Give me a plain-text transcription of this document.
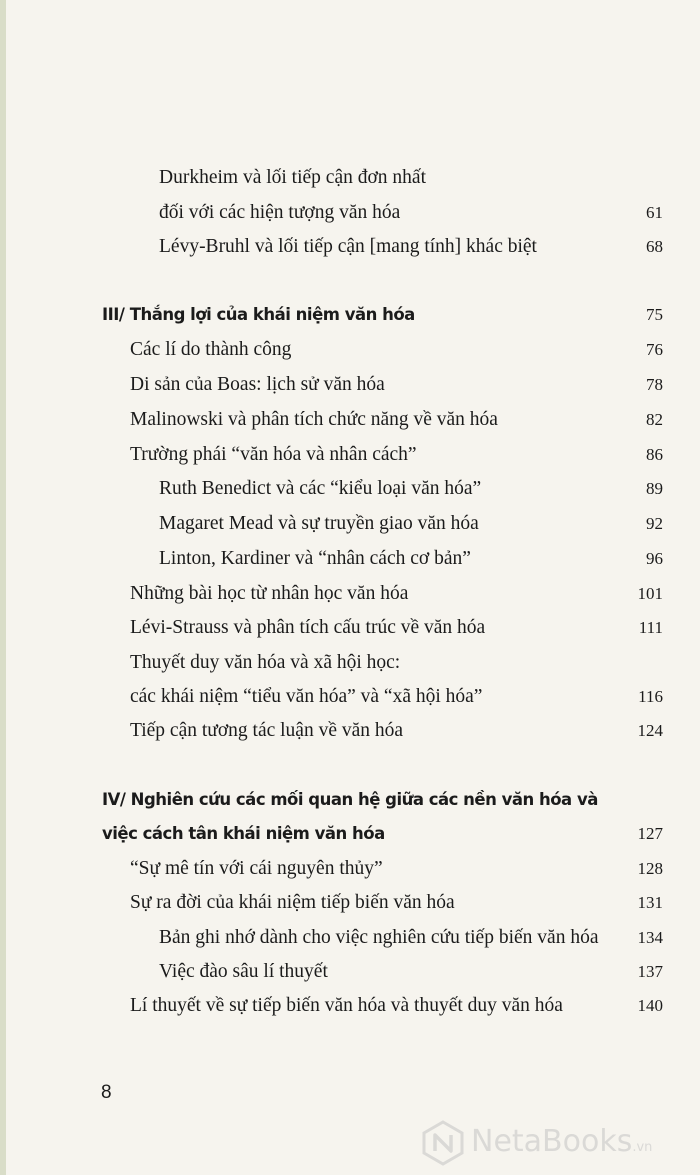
Durkheim và lối tiếp cận đơn nhất
đối với các hiện tượng văn hóa	61
Lévy-Bruhl và lối tiếp cận [mang tính] khác biệt	68
III/ Thắng lợi của khái niệm văn hóa	75
Các lí do thành công	76
Di sản của Boas: lịch sử văn hóa	78
Malinowski và phân tích chức năng về văn hóa	82
Trường phái “văn hóa và nhân cách”	86
Ruth Benedict và các “kiểu loại văn hóa”	89
Magaret Mead và sự truyền giao văn hóa	92
Linton, Kardiner và “nhân cách cơ bản”	96
Những bài học từ nhân học văn hóa	101
Lévi-Strauss và phân tích cấu trúc về văn hóa	111
Thuyết duy văn hóa và xã hội học:
các khái niệm “tiểu văn hóa” và “xã hội hóa”	116
Tiếp cận tương tác luận về văn hóa	124
IV/ Nghiên cứu các mối quan hệ giữa các nền văn hóa và
việc cách tân khái niệm văn hóa	127
“Sự mê tín với cái nguyên thủy”	128
Sự ra đời của khái niệm tiếp biến văn hóa	131
Bản ghi nhớ dành cho việc nghiên cứu tiếp biến văn hóa 134
Việc đào sâu lí thuyết	137
Lí thuyết về sự tiếp biến văn hóa và thuyết duy văn hóa	140
8
NetaBooks.vn
